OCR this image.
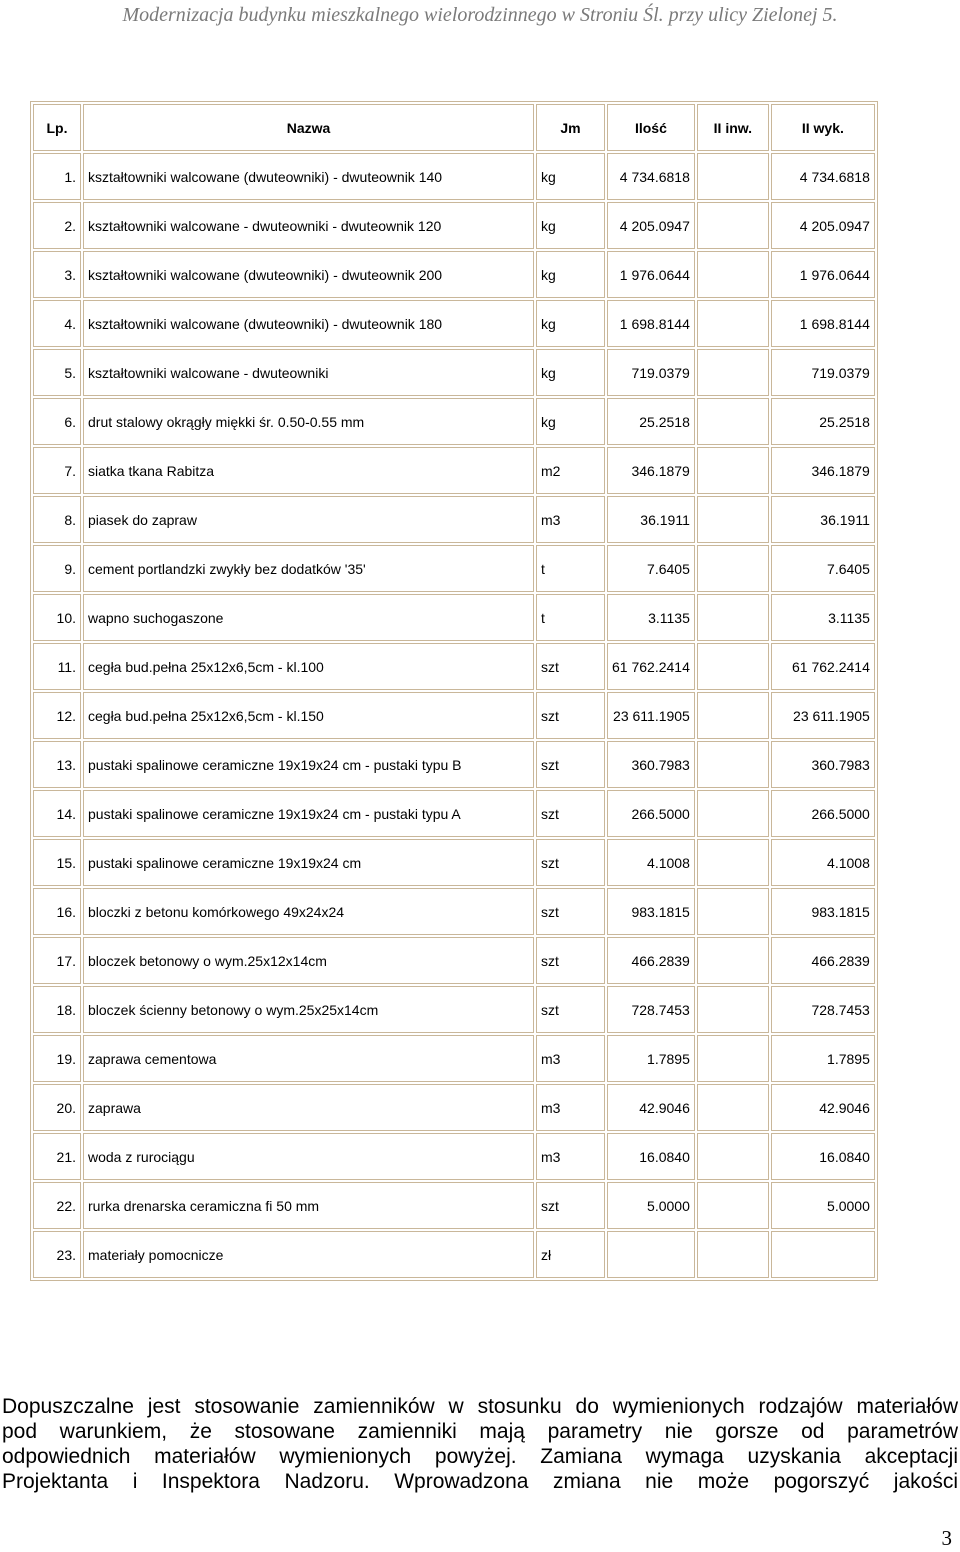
Modernizacja budynku mieszkalnego wielorodzinnego w Stroniu Śl. przy ulicy Zielonej 5.
Lp.	Nazwa	Jm	Ilość	II inw.	II wyk.
1.	kształtowniki walcowane (dwuteowniki) - dwuteownik 140	kg	4 734.6818		4 734.6818
2.	kształtowniki walcowane - dwuteowniki - dwuteownik 120	kg	4 205.0947		4 205.0947
3.	kształtowniki walcowane (dwuteowniki) - dwuteownik 200	kg	1 976.0644		1 976.0644
4.	kształtowniki walcowane (dwuteowniki) - dwuteownik 180	kg	1 698.8144		1 698.8144
5.	kształtowniki walcowane - dwuteowniki	kg	719.0379		719.0379
6.	drut stalowy okrągły miękki śr. 0.50-0.55 mm	kg	25.2518		25.2518
7.	siatka tkana Rabitza	m2	346.1879		346.1879
8.	piasek do zapraw	m3	36.1911		36.1911
9.	cement portlandzki zwykły bez dodatków '35'	t	7.6405		7.6405
10.	wapno suchogaszone	t	3.1135		3.1135
11.	cegła bud.pełna 25x12x6,5cm - kl.100	szt	61 762.2414		61 762.2414
12.	cegła bud.pełna 25x12x6,5cm - kl.150	szt	23 611.1905		23 611.1905
13.	pustaki spalinowe ceramiczne 19x19x24 cm - pustaki typu B	szt	360.7983		360.7983
14.	pustaki spalinowe ceramiczne 19x19x24 cm - pustaki typu A	szt	266.5000		266.5000
15.	pustaki spalinowe ceramiczne 19x19x24 cm	szt	4.1008		4.1008
16.	bloczki z betonu komórkowego 49x24x24	szt	983.1815		983.1815
17.	bloczek betonowy o wym.25x12x14cm	szt	466.2839		466.2839
18.	bloczek ścienny betonowy o wym.25x25x14cm	szt	728.7453		728.7453
19.	zaprawa cementowa	m3	1.7895		1.7895
20.	zaprawa	m3	42.9046		42.9046
21.	woda z rurociągu	m3	16.0840		16.0840
22.	rurka drenarska ceramiczna fi 50 mm	szt	5.0000		5.0000
23.	materiały pomocnicze	zł			
Dopuszczalne jest stosowanie zamienników w stosunku do wymienionych rodzajów materiałów
pod warunkiem, że stosowane zamienniki mają parametry nie gorsze od parametrów
odpowiednich materiałów wymienionych powyżej. Zamiana wymaga uzyskania akceptacji
Projektanta i Inspektora Nadzoru. Wprowadzona zmiana nie może pogorszyć jakości
3
